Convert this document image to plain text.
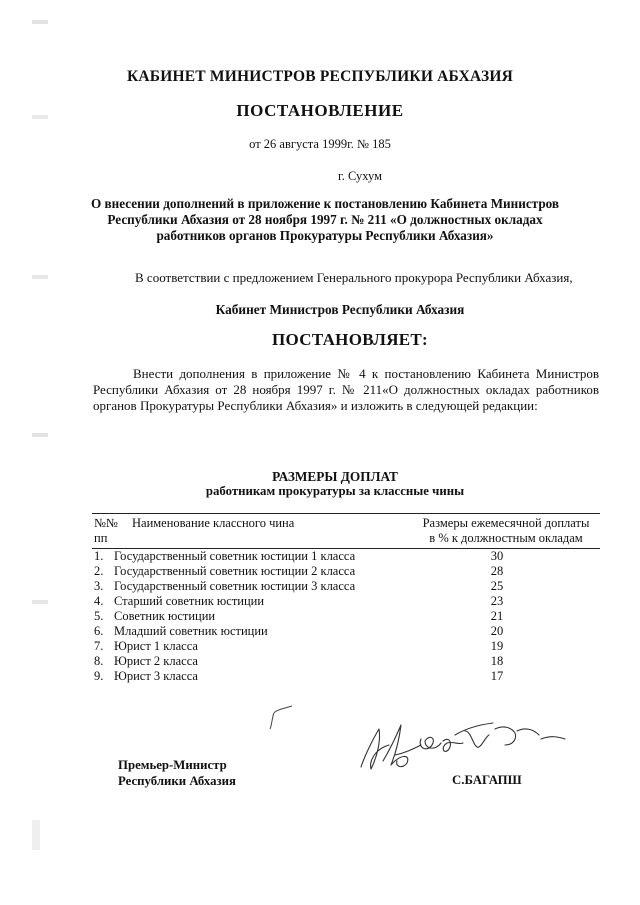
КАБИНЕТ МИНИСТРОВ РЕСПУБЛИКИ АБХАЗИЯ
ПОСТАНОВЛЕНИЕ
от 26 августа 1999г. № 185
г. Сухум
О внесении дополнений в приложение к постановлению Кабинета Министров Республики Абхазия от 28 ноября 1997 г. № 211 «О должностных окладах работников органов Прокуратуры Республики Абхазия»
В соответствии с предложением Генерального прокурора Республики Абхазия,
Кабинет Министров Республики Абхазия
ПОСТАНОВЛЯЕТ:
Внести дополнения в приложение № 4 к постановлению Кабинета Министров
Республики Абхазия от 28 ноября 1997 г. № 211«О должностных окладах работников
органов Прокуратуры Республики Абхазия» и изложить в следующей редакции:
РАЗМЕРЫ ДОПЛАТ
работникам прокуратуры за классные чины
№№
пп
Наименование классного чина	Размеры ежемесячной доплаты
в % к должностным окладам
1. Государственный советник юстиции 1 класса	30
2. Государственный советник юстиции 2 класса	28
3. Государственный советник юстиции 3 класса	25
4. Старший советник юстиции	23
5. Советник юстиции	21
6. Младший советник юстиции	20
7. Юрист 1 класса	19
8. Юрист 2 класса	18
9. Юрист 3 класса	17
Премьер-Министр
Республики Абхазия	С.БАГАПШ
